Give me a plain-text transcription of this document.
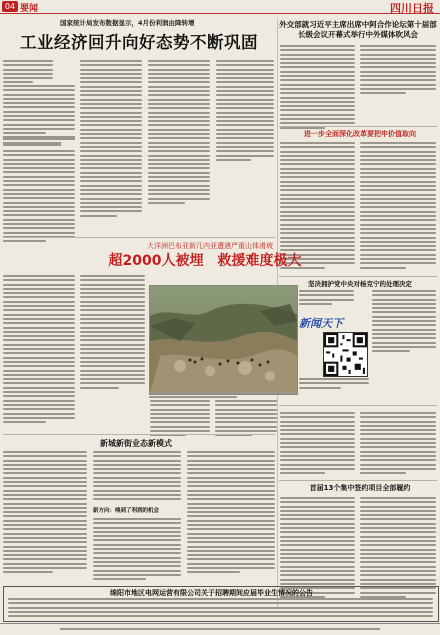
04 要闻	四川日报
国家统计局发布数据显示，4月份利润由降转增
工业经济回升向好态势不断巩固
外交部就习近平主席出席中阿合作论坛第十届部长级会议开幕式举行中外媒体吹风会
进一步全面深化改革要把牢价值取向
大洋洲巴布亚新几内亚遭遇严重山体滑坡
超2000人被埋　救援难度极大
新闻天下
坚决拥护党中央对杨克宁的处理决定
首届13个集中签约项目全部履约
新城新街业态新模式
新方向：嗅到了利润的机会
绵阳市地区电网运营有限公司关于招聘期间应届毕业生情况的公告
